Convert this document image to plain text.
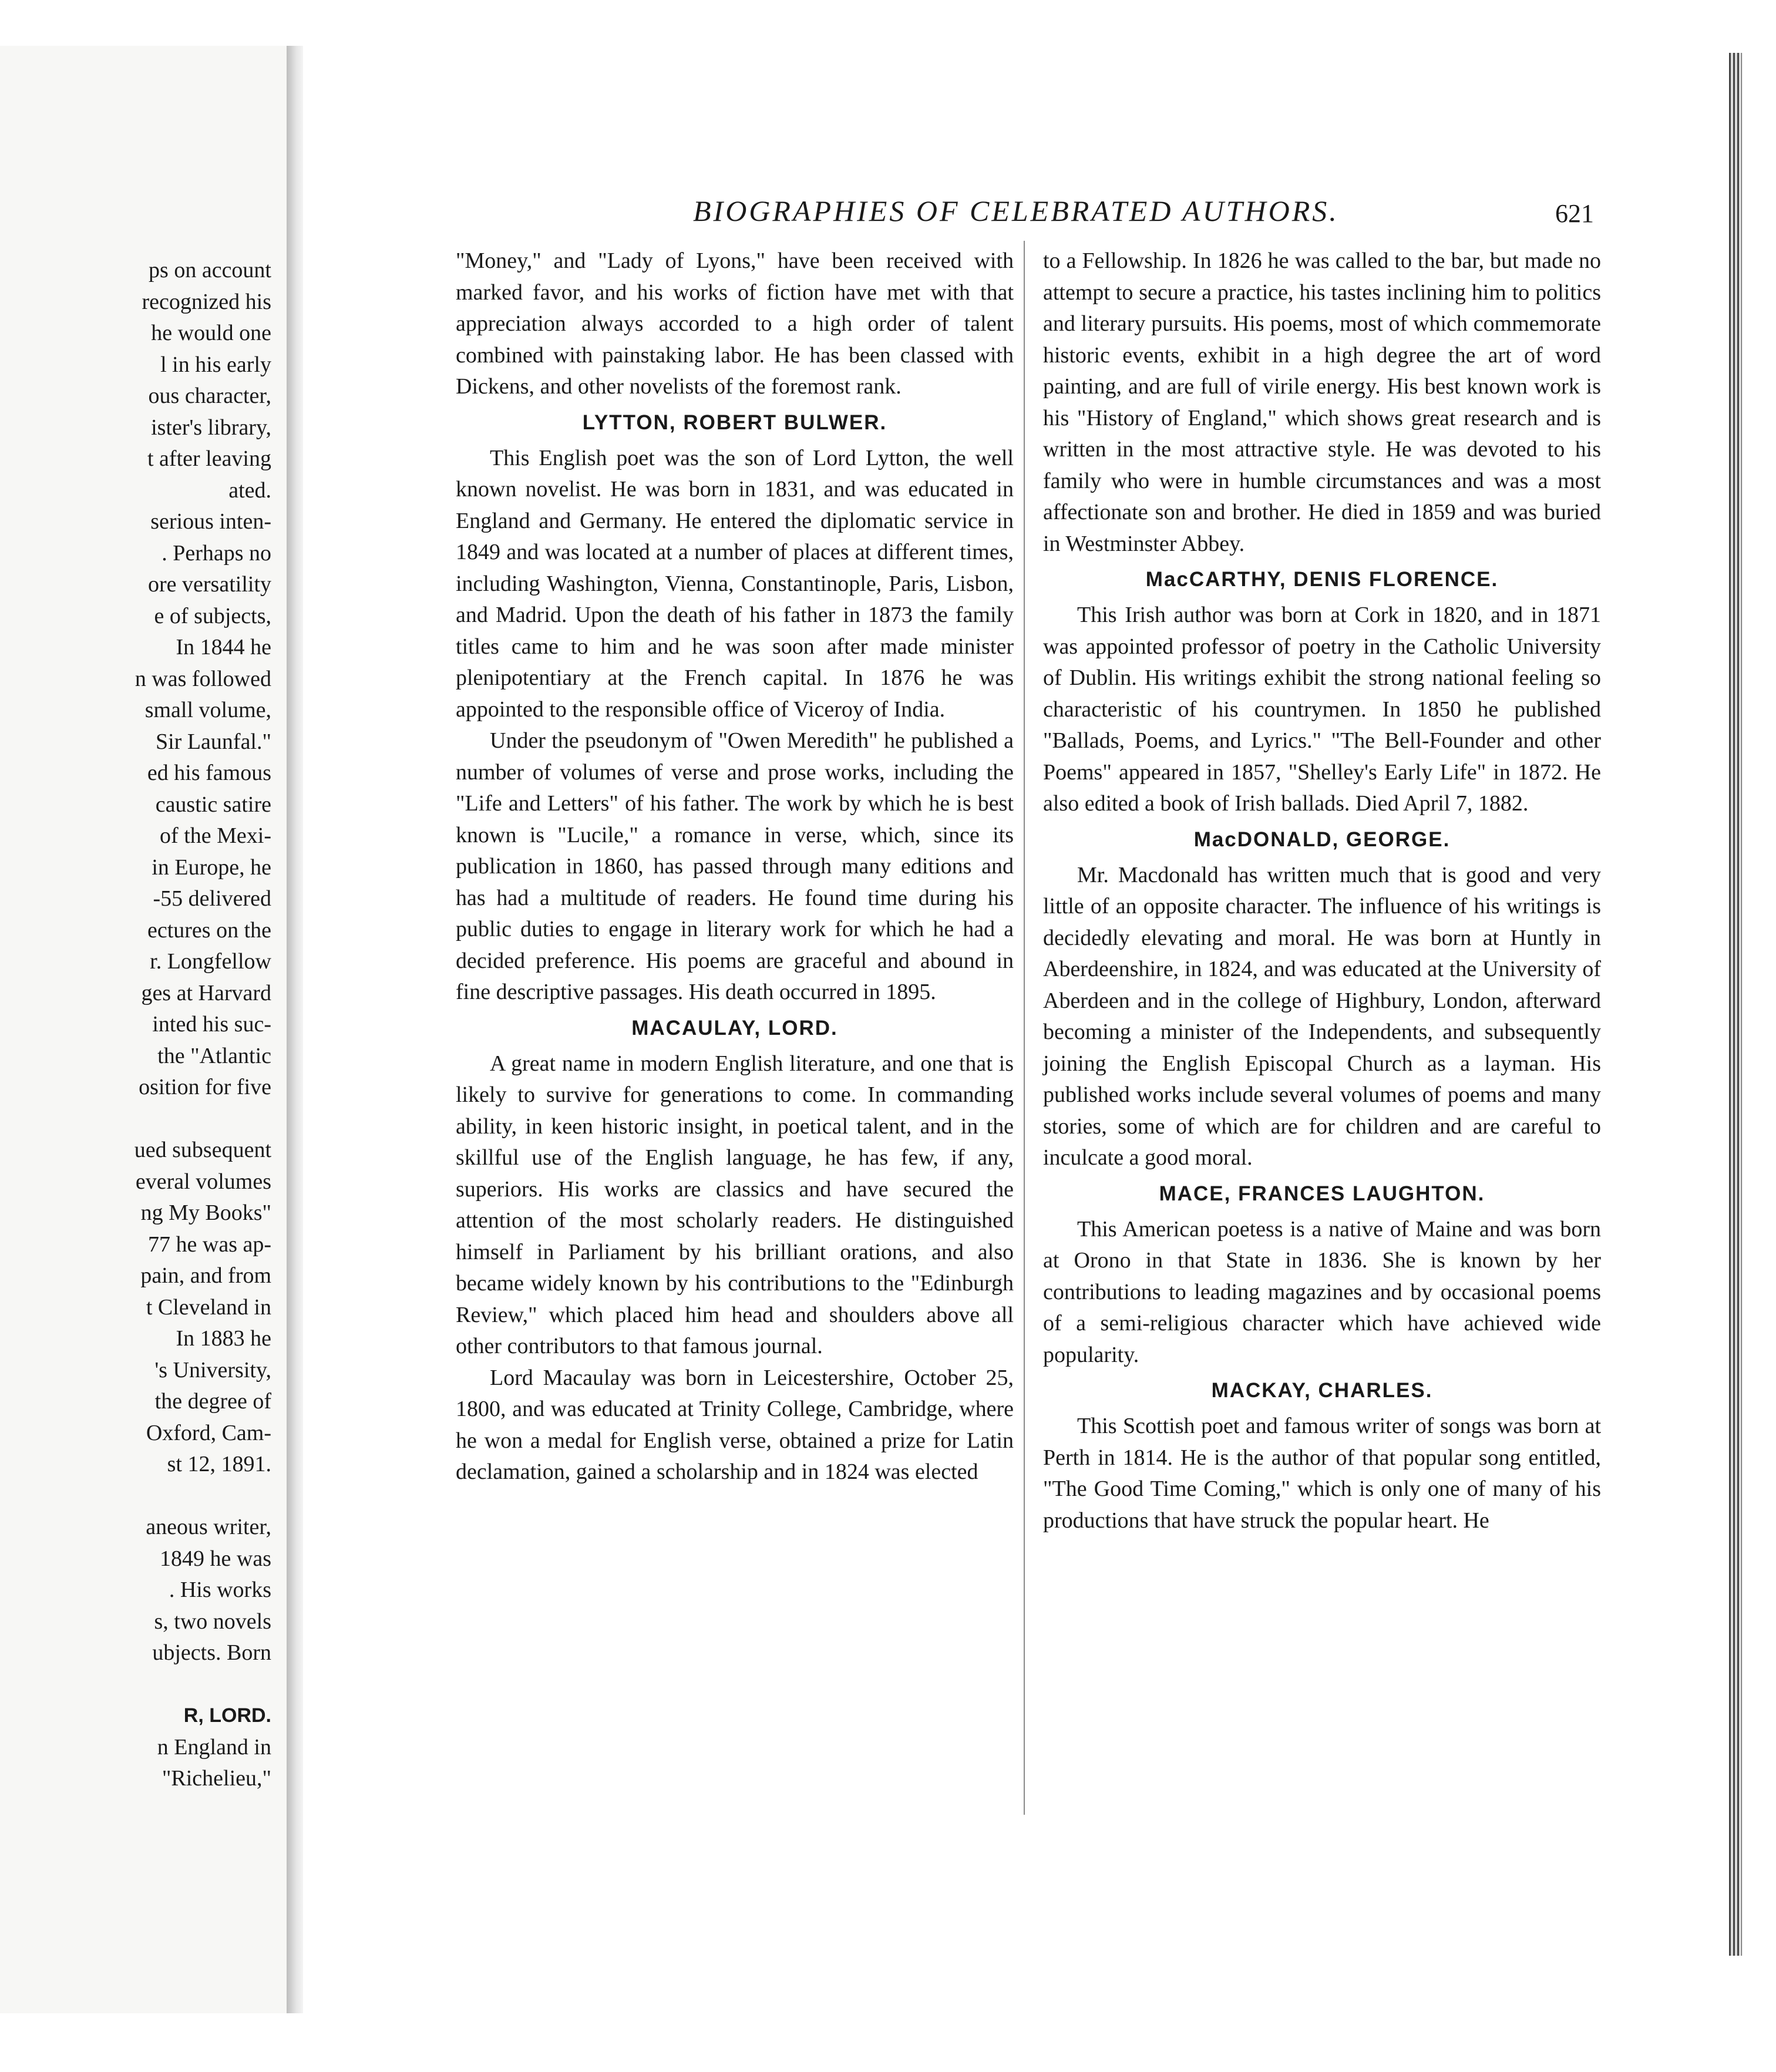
ps on account
recognized his
he would one
l in his early
ous character,
ister's library,
t after leaving
ated.
serious inten-
. Perhaps no
ore versatility
e of subjects,
In 1844 he
n was followed
small volume,
Sir Launfal."
ed his famous
caustic satire
of the Mexi-
in Europe, he
-55 delivered
ectures on the
r. Longfellow
ges at Harvard
inted his suc-
the "Atlantic
osition for five

ued subsequent
everal volumes
ng My Books"
77 he was ap-
pain, and from
t Cleveland in
In 1883 he
's University,
the degree of
Oxford, Cam-
st 12, 1891.

aneous writer,
1849 he was
. His works
s, two novels
ubjects. Born

R, LORD.
n England in
"Richelieu,"
BIOGRAPHIES OF CELEBRATED AUTHORS.	621

"Money," and "Lady of Lyons," have been received with marked favor, and his works of fiction have met with that appreciation always accorded to a high order of talent combined with painstaking labor. He has been classed with Dickens, and other novelists of the foremost rank.

LYTTON, ROBERT BULWER.

This English poet was the son of Lord Lytton, the well known novelist. He was born in 1831, and was educated in England and Germany. He entered the diplomatic service in 1849 and was located at a number of places at different times, including Washington, Vienna, Constantinople, Paris, Lisbon, and Madrid. Upon the death of his father in 1873 the family titles came to him and he was soon after made minister plenipotentiary at the French capital. In 1876 he was appointed to the responsible office of Viceroy of India.

Under the pseudonym of "Owen Meredith" he published a number of volumes of verse and prose works, including the "Life and Letters" of his father. The work by which he is best known is "Lucile," a romance in verse, which, since its publication in 1860, has passed through many editions and has had a multitude of readers. He found time during his public duties to engage in literary work for which he had a decided preference. His poems are graceful and abound in fine descriptive passages. His death occurred in 1895.

MACAULAY, LORD.

A great name in modern English literature, and one that is likely to survive for generations to come. In commanding ability, in keen historic insight, in poetical talent, and in the skillful use of the English language, he has few, if any, superiors. His works are classics and have secured the attention of the most scholarly readers. He distinguished himself in Parliament by his brilliant orations, and also became widely known by his contributions to the "Edinburgh Review," which placed him head and shoulders above all other contributors to that famous journal.

Lord Macaulay was born in Leicestershire, October 25, 1800, and was educated at Trinity College, Cambridge, where he won a medal for English verse, obtained a prize for Latin declamation, gained a scholarship and in 1824 was elected

to a Fellowship. In 1826 he was called to the bar, but made no attempt to secure a practice, his tastes inclining him to politics and literary pursuits. His poems, most of which commemorate historic events, exhibit in a high degree the art of word painting, and are full of virile energy. His best known work is his "History of England," which shows great research and is written in the most attractive style. He was devoted to his family who were in humble circumstances and was a most affectionate son and brother. He died in 1859 and was buried in Westminster Abbey.

MacCARTHY, DENIS FLORENCE.

This Irish author was born at Cork in 1820, and in 1871 was appointed professor of poetry in the Catholic University of Dublin. His writings exhibit the strong national feeling so characteristic of his countrymen. In 1850 he published "Ballads, Poems, and Lyrics." "The Bell-Founder and other Poems" appeared in 1857, "Shelley's Early Life" in 1872. He also edited a book of Irish ballads. Died April 7, 1882.

MacDONALD, GEORGE.

Mr. Macdonald has written much that is good and very little of an opposite character. The influence of his writings is decidedly elevating and moral. He was born at Huntly in Aberdeenshire, in 1824, and was educated at the University of Aberdeen and in the college of Highbury, London, afterward becoming a minister of the Independents, and subsequently joining the English Episcopal Church as a layman. His published works include several volumes of poems and many stories, some of which are for children and are careful to inculcate a good moral.

MACE, FRANCES LAUGHTON.

This American poetess is a native of Maine and was born at Orono in that State in 1836. She is known by her contributions to leading magazines and by occasional poems of a semi-religious character which have achieved wide popularity.

MACKAY, CHARLES.

This Scottish poet and famous writer of songs was born at Perth in 1814. He is the author of that popular song entitled, "The Good Time Coming," which is only one of many of his productions that have struck the popular heart. He
